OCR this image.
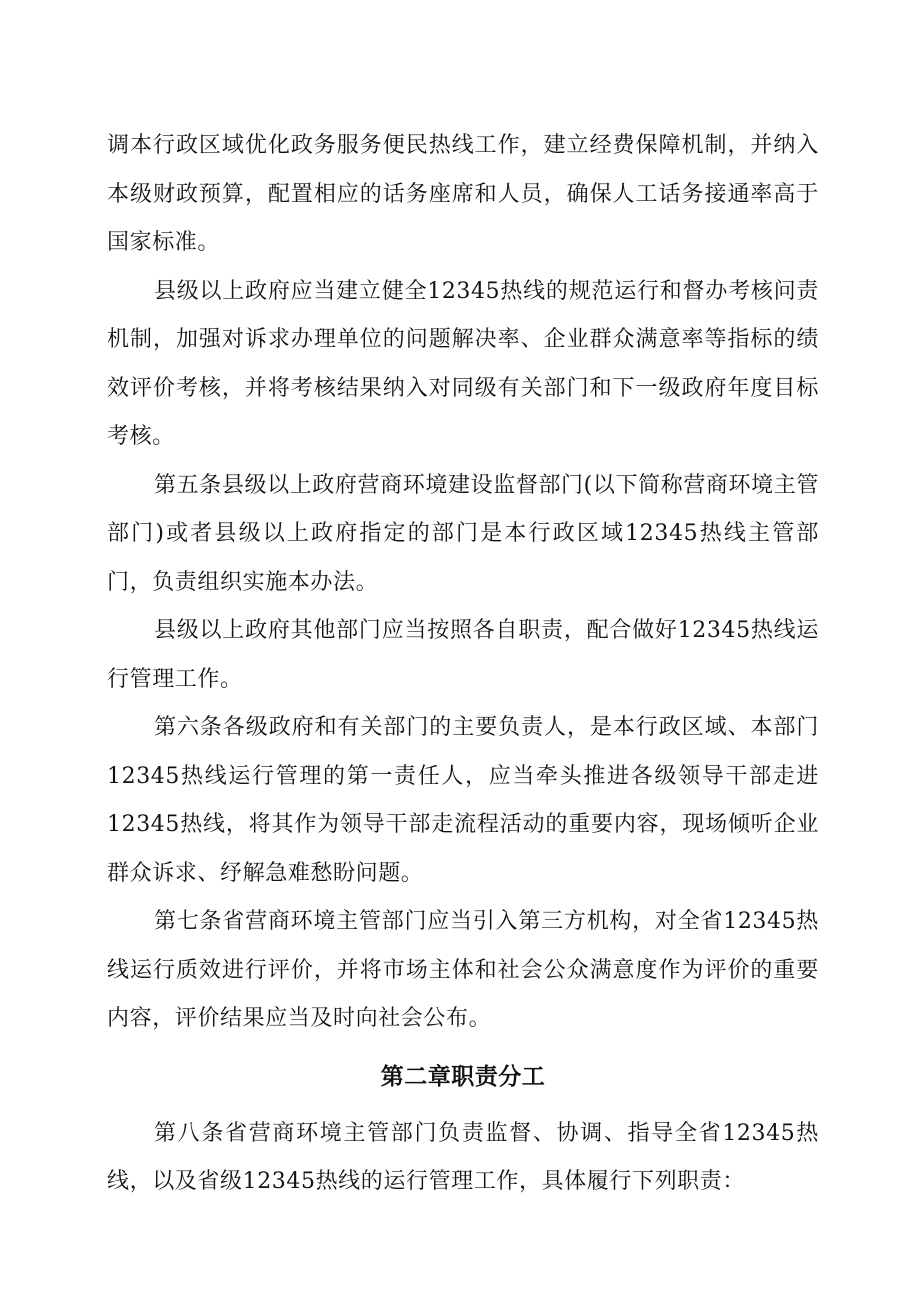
调本行政区域优化政务服务便民热线工作，建立经费保障机制，并纳入本级财政预算，配置相应的话务座席和人员，确保人工话务接通率高于国家标准。

县级以上政府应当建立健全12345热线的规范运行和督办考核问责机制，加强对诉求办理单位的问题解决率、企业群众满意率等指标的绩效评价考核，并将考核结果纳入对同级有关部门和下一级政府年度目标考核。

第五条县级以上政府营商环境建设监督部门(以下简称营商环境主管部门)或者县级以上政府指定的部门是本行政区域12345热线主管部门，负责组织实施本办法。

县级以上政府其他部门应当按照各自职责，配合做好12345热线运行管理工作。

第六条各级政府和有关部门的主要负责人，是本行政区域、本部门12345热线运行管理的第一责任人，应当牵头推进各级领导干部走进12345热线，将其作为领导干部走流程活动的重要内容，现场倾听企业群众诉求、纾解急难愁盼问题。

第七条省营商环境主管部门应当引入第三方机构，对全省12345热线运行质效进行评价，并将市场主体和社会公众满意度作为评价的重要内容，评价结果应当及时向社会公布。

第二章职责分工

第八条省营商环境主管部门负责监督、协调、指导全省12345热线，以及省级12345热线的运行管理工作，具体履行下列职责：
